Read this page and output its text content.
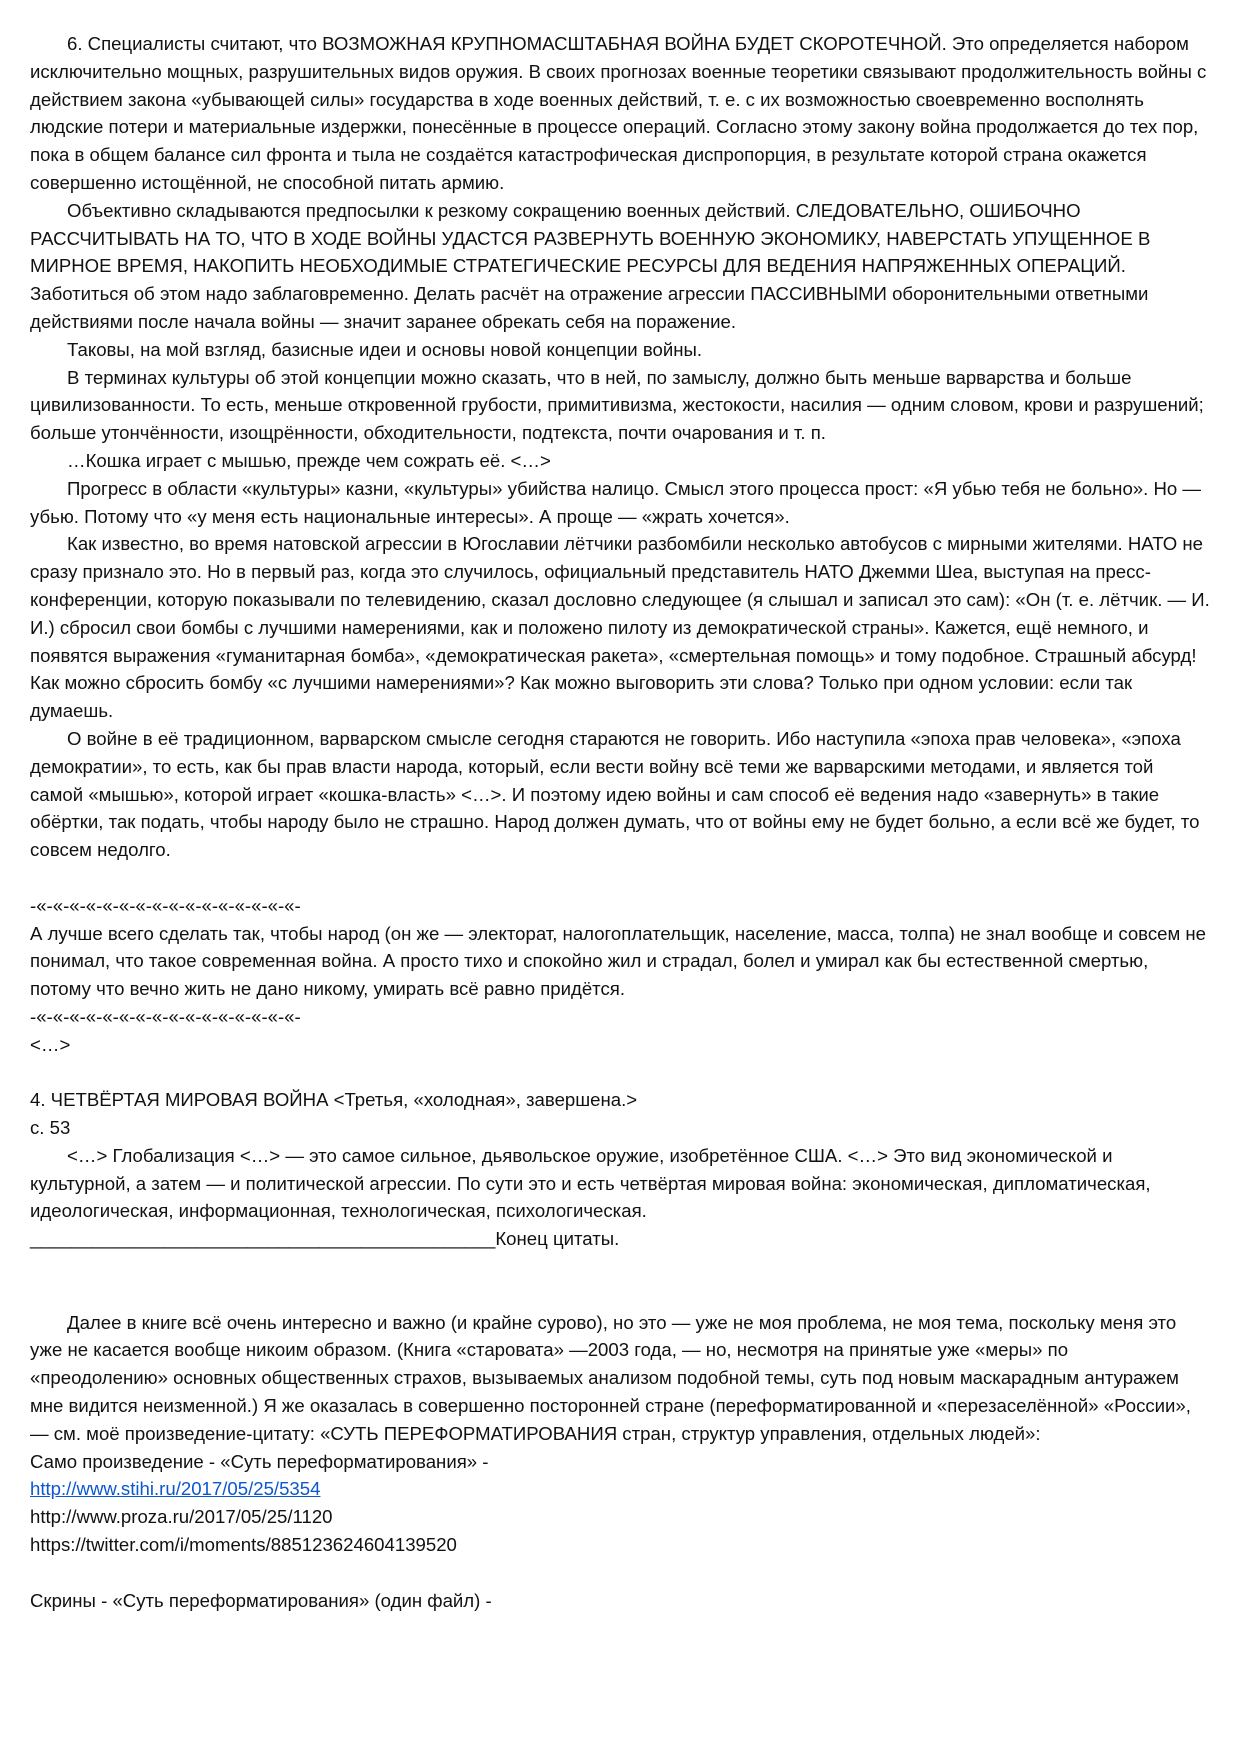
6. Специалисты считают, что ВОЗМОЖНАЯ КРУПНОМАСШТАБНАЯ ВОЙНА БУДЕТ СКОРОТЕЧНОЙ. Это определяется набором исключительно мощных, разрушительных видов оружия. В своих прогнозах военные теоретики связывают продолжительность войны с действием закона «убывающей силы» государства в ходе военных действий, т. е. с их возможностью своевременно восполнять людские потери и материальные издержки, понесённые в процессе операций. Согласно этому закону война продолжается до тех пор, пока в общем балансе сил фронта и тыла не создаётся катастрофическая диспропорция, в результате которой страна окажется совершенно истощённой, не способной питать армию.

Объективно складываются предпосылки к резкому сокращению военных действий. СЛЕДОВАТЕЛЬНО, ОШИБОЧНО РАССЧИТЫВАТЬ НА ТО, ЧТО В ХОДЕ ВОЙНЫ УДАСТСЯ РАЗВЕРНУТЬ ВОЕННУЮ ЭКОНОМИКУ, НАВЕРСТАТЬ УПУЩЕННОЕ В МИРНОЕ ВРЕМЯ, НАКОПИТЬ НЕОБХОДИМЫЕ СТРАТЕГИЧЕСКИЕ РЕСУРСЫ ДЛЯ ВЕДЕНИЯ НАПРЯЖЕННЫХ ОПЕРАЦИЙ. Заботиться об этом надо заблаговременно. Делать расчёт на отражение агрессии ПАССИВНЫМИ оборонительными ответными действиями после начала войны — значит заранее обрекать себя на поражение.

Таковы, на мой взгляд, базисные идеи и основы новой концепции войны.

В терминах культуры об этой концепции можно сказать, что в ней, по замыслу, должно быть меньше варварства и больше цивилизованности. То есть, меньше откровенной грубости, примитивизма, жестокости, насилия — одним словом, крови и разрушений; больше утончённости, изощрённости, обходительности, подтекста, почти очарования и т. п.

…Кошка играет с мышью, прежде чем сожрать её. <…>

Прогресс в области «культуры» казни, «культуры» убийства налицо. Смысл этого процесса прост: «Я убью тебя не больно». Но — убью. Потому что «у меня есть национальные интересы». А проще — «жрать хочется».

Как известно, во время натовской агрессии в Югославии лётчики разбомбили несколько автобусов с мирными жителями. НАТО не сразу признало это. Но в первый раз, когда это случилось, официальный представитель НАТО Джемми Шеа, выступая на пресс-конференции, которую показывали по телевидению, сказал дословно следующее (я слышал и записал это сам): «Он (т. е. лётчик. — И. И.) сбросил свои бомбы с лучшими намерениями, как и положено пилоту из демократической страны». Кажется, ещё немного, и появятся выражения «гуманитарная бомба», «демократическая ракета», «смертельная помощь» и тому подобное. Страшный абсурд! Как можно сбросить бомбу «с лучшими намерениями»? Как можно выговорить эти слова? Только при одном условии: если так думаешь.

О войне в её традиционном, варварском смысле сегодня стараются не говорить. Ибо наступила «эпоха прав человека», «эпоха демократии», то есть, как бы прав власти народа, который, если вести войну всё теми же варварскими методами, и является той самой «мышью», которой играет «кошка-власть» <…>. И поэтому идею войны и сам способ её ведения надо «завернуть» в такие обёртки, так подать, чтобы народу было не страшно. Народ должен думать, что от войны ему не будет больно, а если всё же будет, то совсем недолго.

-«-«-«-«-«-«-«-«-«-«-«-«-«-«-«-«-

А лучше всего сделать так, чтобы народ (он же — электорат, налогоплательщик, население, масса, толпа) не знал вообще и совсем не понимал, что такое современная война. А просто тихо и спокойно жил и страдал, болел и умирал как бы естественной смертью, потому что вечно жить не дано никому, умирать всё равно придётся.

-«-«-«-«-«-«-«-«-«-«-«-«-«-«-«-«-

<…>

4. ЧЕТВЁРТАЯ МИРОВАЯ ВОЙНА <Третья, «холодная», завершена.>

с. 53

<…> Глобализация <…> — это самое сильное, дьявольское оружие, изобретённое США. <…> Это вид экономической и культурной, а затем — и политической агрессии. По сути это и есть четвёртая мировая война: экономическая, дипломатическая, идеологическая, информационная, технологическая, психологическая.

_____________________________________________Конец цитаты.

Далее в книге всё очень интересно и важно (и крайне сурово), но это — уже не моя проблема, не моя тема, поскольку меня это уже не касается вообще никоим образом. (Книга «старовата» —2003 года, — но, несмотря на принятые уже «меры» по «преодолению» основных общественных страхов, вызываемых анализом подобной темы, суть под новым маскарадным антуражем мне видится неизменной.) Я же оказалась в совершенно посторонней стране (переформатированной и «перезаселённой» «России», — см. моё произведение-цитату: «СУТЬ ПЕРЕФОРМАТИРОВАНИЯ стран, структур управления, отдельных людей»:

Само произведение - «Суть переформатирования» -

http://www.stihi.ru/2017/05/25/5354

http://www.proza.ru/2017/05/25/1120

https://twitter.com/i/moments/885123624604139520

Скрины - «Суть переформатирования» (один файл) -
